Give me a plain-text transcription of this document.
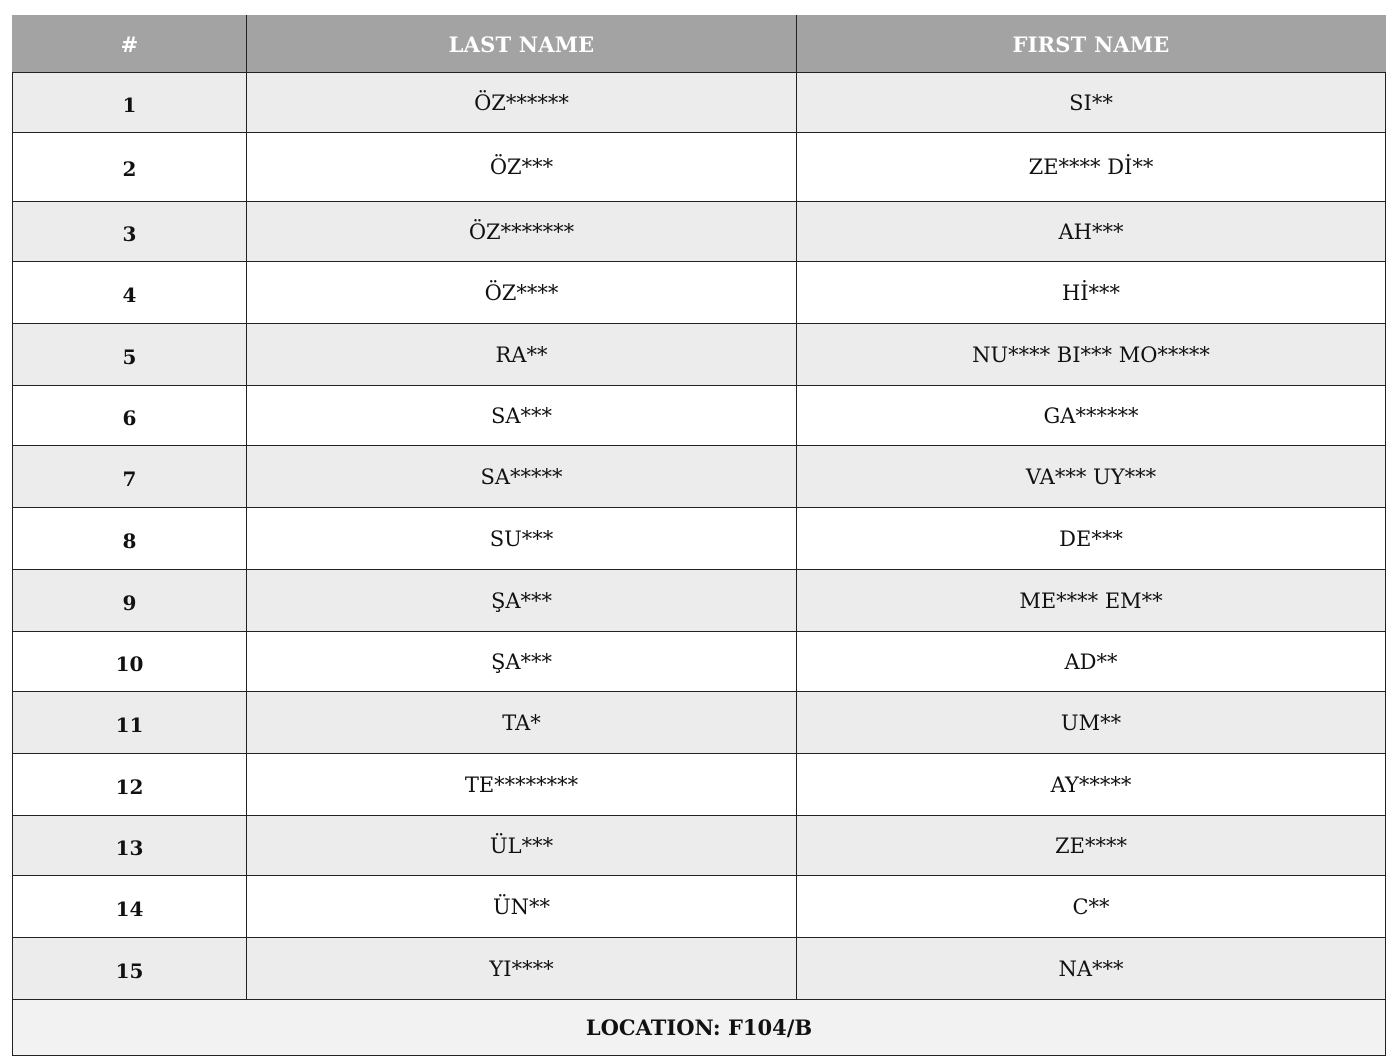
#	LAST NAME	FIRST NAME
1	ÖZ******	SI**
2	ÖZ***	ZE**** Dİ**
3	ÖZ*******	AH***
4	ÖZ****	Hİ***
5	RA**	NU**** BI*** MO*****
6	SA***	GA******
7	SA*****	VA*** UY***
8	SU***	DE***
9	ŞA***	ME**** EM**
10	ŞA***	AD**
11	TA*	UM**
12	TE********	AY*****
13	ÜL***	ZE****
14	ÜN**	C**
15	YI****	NA***
LOCATION: F104/B		
